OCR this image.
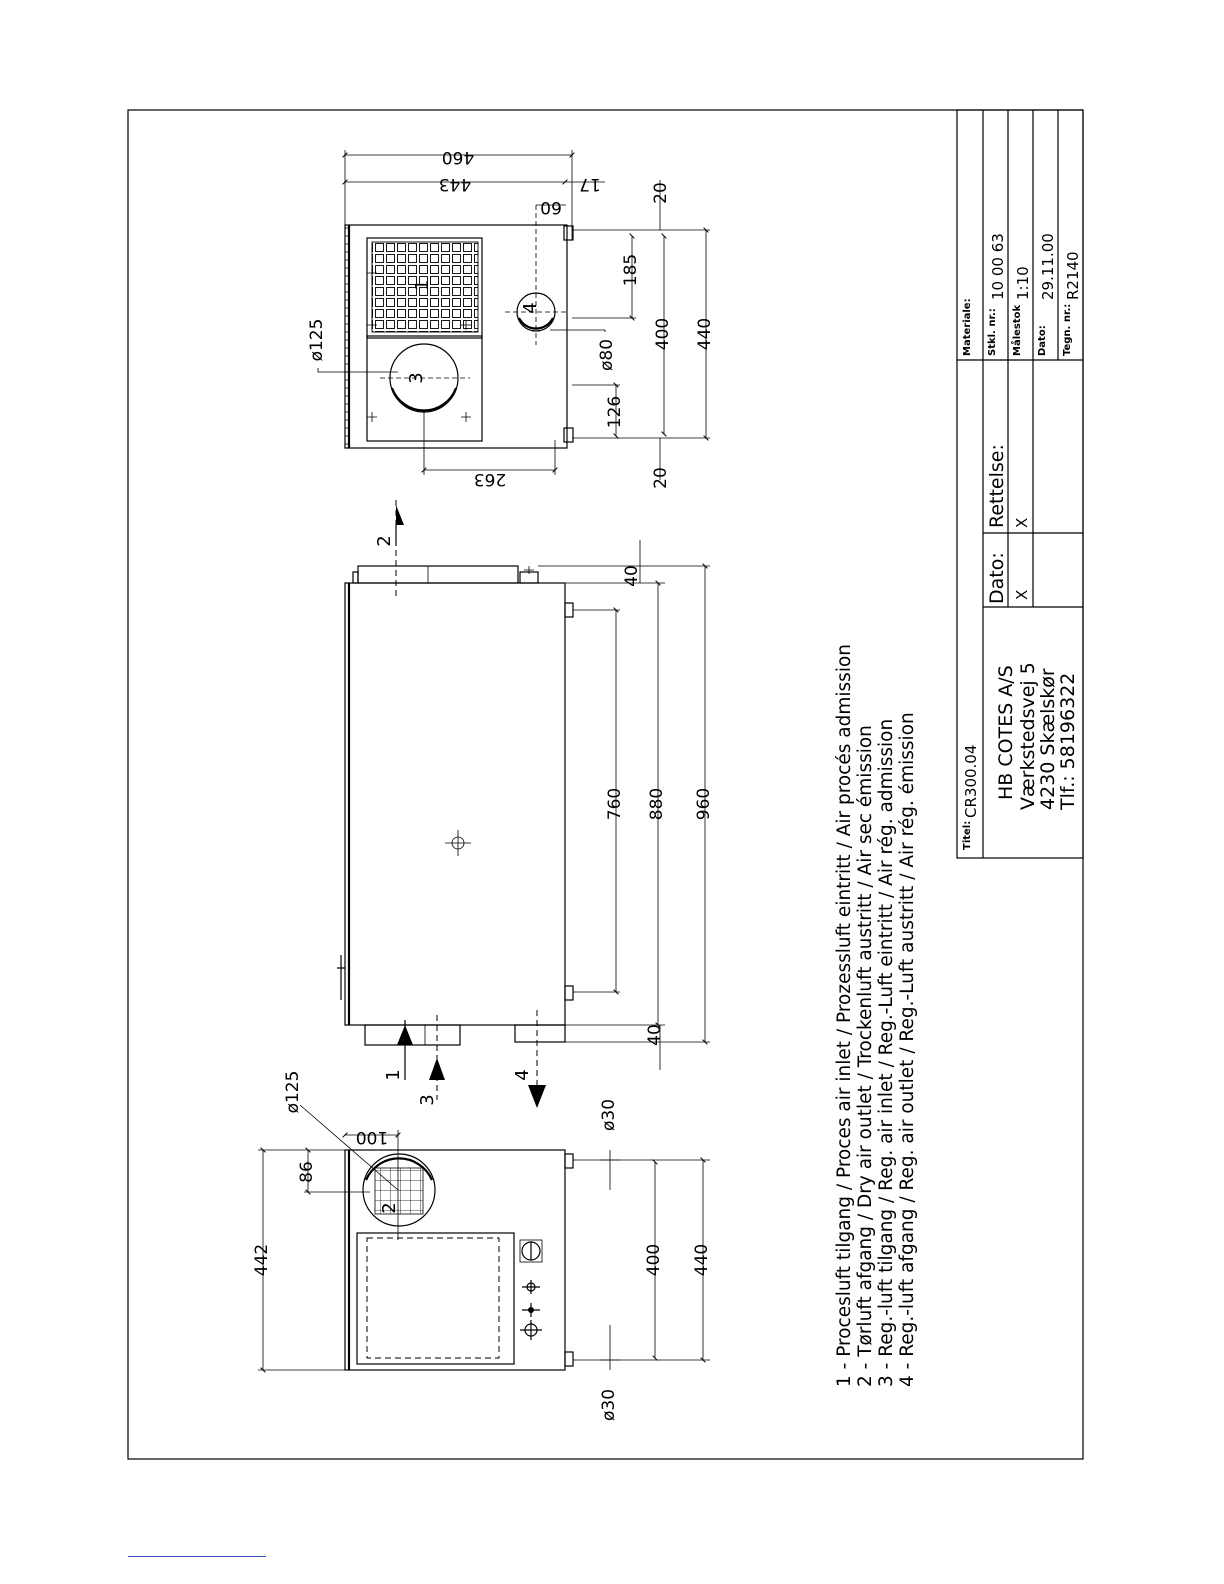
460
443	17
60
20
20
185
400 440
126
263
ø125	ø80
1
3
4
760 880 960
40
40
2
1
3
4
442
86
100
ø125
ø30
ø30
400 440
2	1 - Procesluft tilgang / Proces air inlet / Prozessluft eintritt / Air procés admission 2 - Tørluft afgang / Dry air outlet / Trockenluft austritt / Air sec émission 3 - Reg.-luft tilgang / Reg. air inlet / Reg.-Luft eintritt / Air rég. admission 4 - Reg.-luft afgang / Reg. air outlet / Reg.-Luft austritt / Air rég. émission	Titel:
CR300.04 HB COTES A/S Værkstedsvej 5
4230 Skælskør
Tlf.: 58196322
Dato: X
Rettelse: X
Materiale: Stkl. nr.:
10 00 63
Målestok
1:10
Dato:
29.11.00
Tegn. nr.:
R2140
